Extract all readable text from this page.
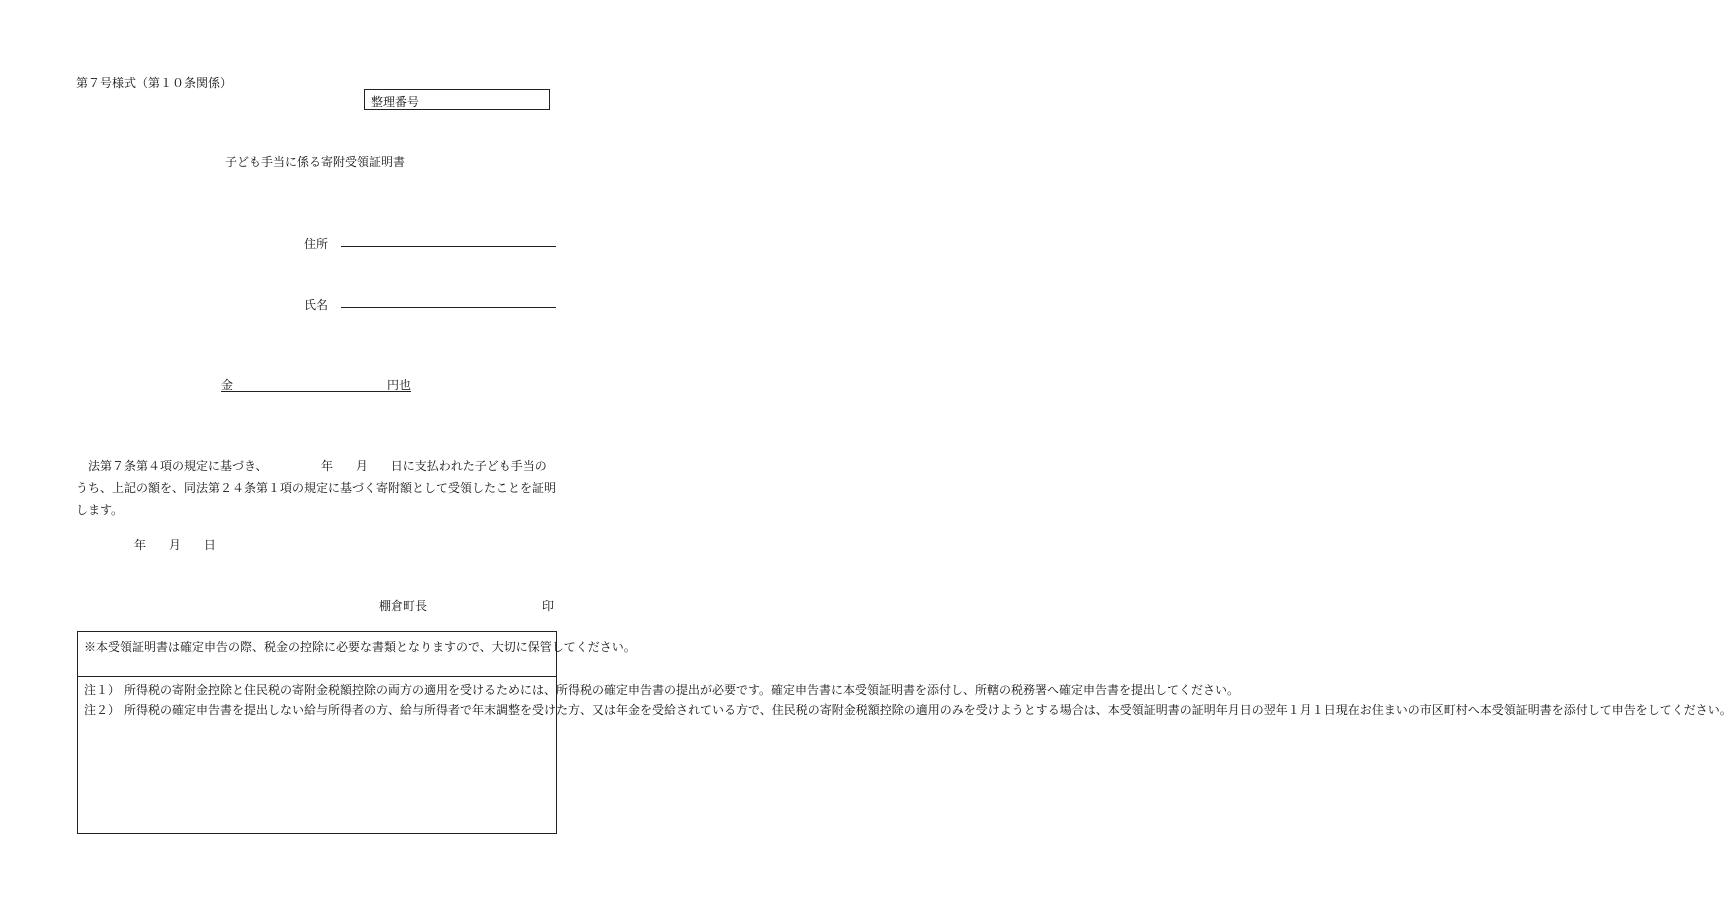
第７号様式（第１０条関係）
整理番号
子ども手当に係る寄附受領証明書
住所
氏名
金	円也
　法第７条第４項の規定に基づき、	年 月 日に支払われた子ども手当のうち、上記の額を、同法第２４条第１項の規定に基づく寄附額として受領したことを証明します。
年 月 日
棚倉町長	印
※本受領証明書は確定申告の際、税金の控除に必要な書類となりますので、大切に保管してください。
注１） 所得税の寄附金控除と住民税の寄附金税額控除の両方の適用を受けるためには、所得税の確定申告書の提出が必要です。確定申告書に本受領証明書を添付し、所轄の税務署へ確定申告書を提出してください。
注２） 所得税の確定申告書を提出しない給与所得者の方、給与所得者で年末調整を受けた方、又は年金を受給されている方で、住民税の寄附金税額控除の適用のみを受けようとする場合は、本受領証明書の証明年月日の翌年１月１日現在お住まいの市区町村へ本受領証明書を添付して申告をしてください。
